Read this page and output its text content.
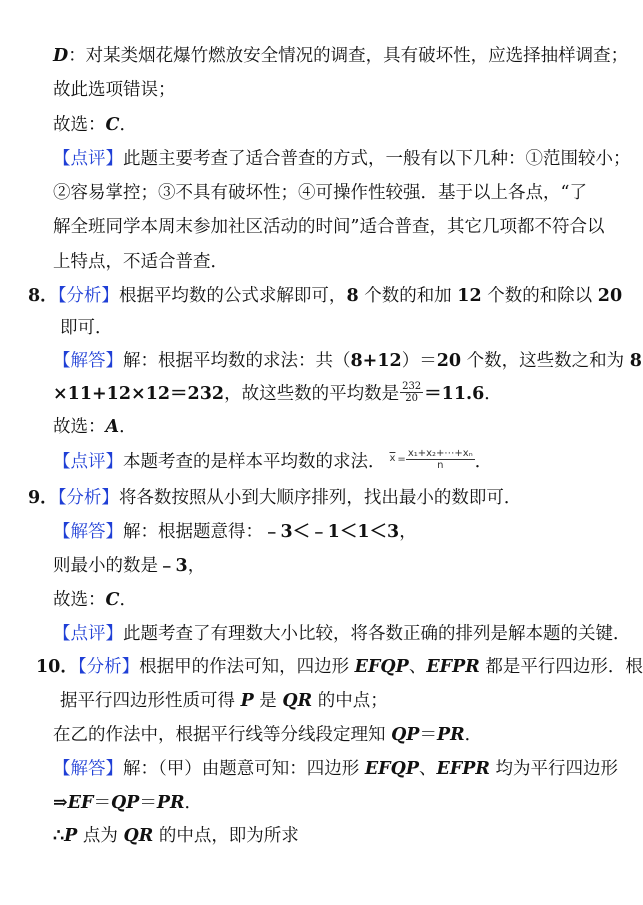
D：对某类烟花爆竹燃放安全情况的调查，具有破坏性，应选择抽样调查；
故此选项错误；
故选：C．
【点评】此题主要考查了适合普查的方式，一般有以下几种：①范围较小；
②容易掌控；③不具有破坏性；④可操作性较强．基于以上各点，“了
解全班同学本周末参加社区活动的时间”适合普查，其它几项都不符合以
上特点，不适合普查．
8．【分析】根据平均数的公式求解即可，8 个数的和加 12 个数的和除以 20
即可．
【解答】解：根据平均数的求法：共（8+12）＝20 个数，这些数之和为 8
×11+12×12＝232，故这些数的平均数是 $\frac{232}{20} =11.6$．
故选：A．
【点评】本题考查的是样本平均数的求法． $\overline{x} = \frac{\text{x₁+x₂+⋯+xₙ}}{n}$ ．
9．【分析】将各数按照从小到大顺序排列，找出最小的数即可．
【解答】解：根据题意得：﹣3＜﹣1＜1＜3，
则最小的数是﹣3，
故选：C．
【点评】此题考查了有理数大小比较，将各数正确的排列是解本题的关键．
10．【分析】根据甲的作法可知，四边形 EFQP、EFPR 都是平行四边形．根
据平行四边形性质可得 P 是 QR 的中点；
在乙的作法中，根据平行线等分线段定理知 QP＝PR．
【解答】解：（甲）由题意可知：四边形 EFQP、EFPR 均为平行四边形
⇒EF＝QP＝PR．
∴P 点为 QR 的中点，即为所求
